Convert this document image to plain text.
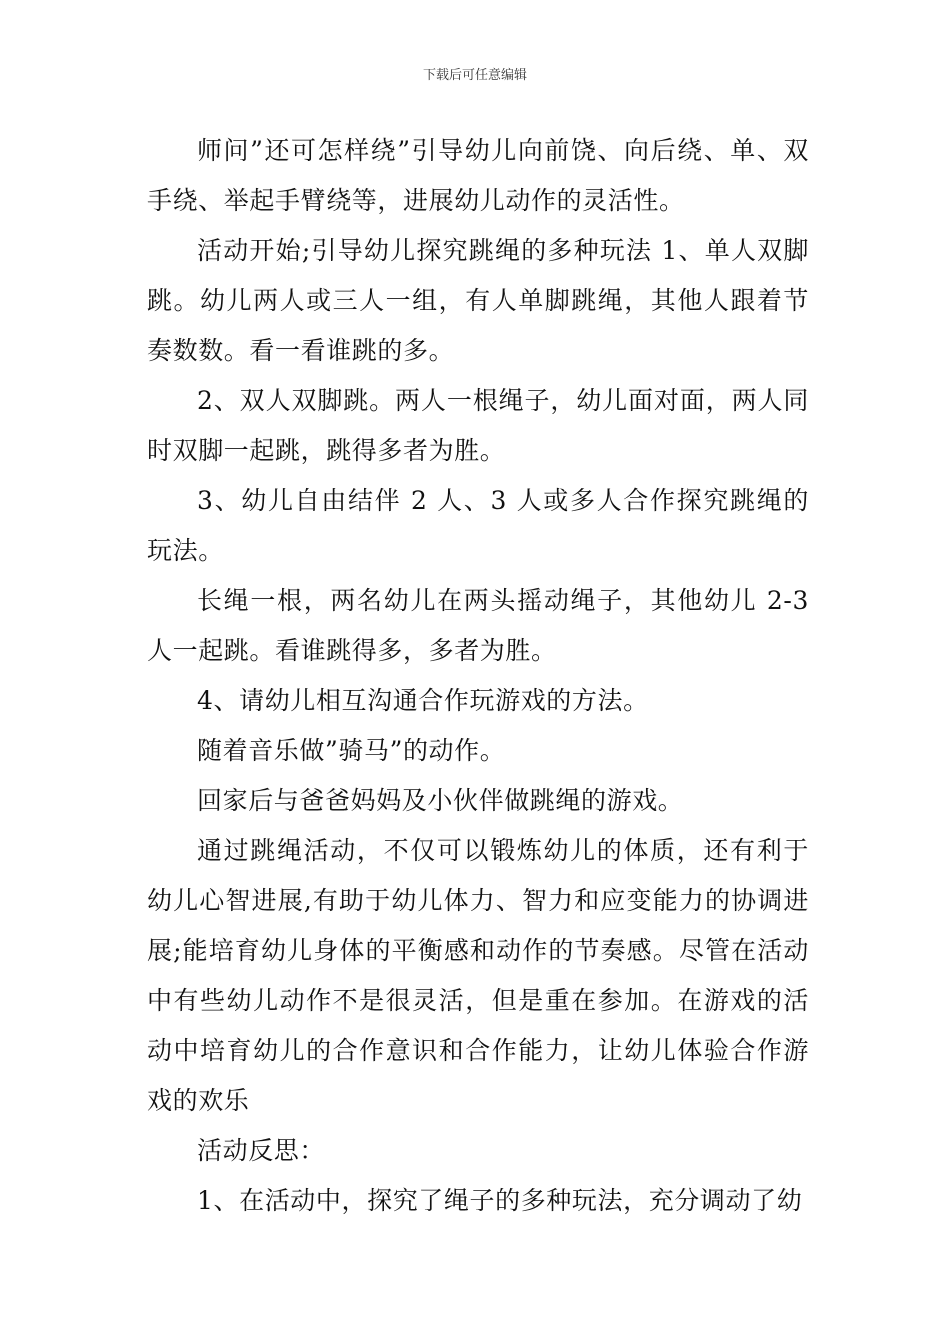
下载后可任意编辑

师问”还可怎样绕”引导幼儿向前饶、向后绕、单、双手绕、举起手臂绕等，进展幼儿动作的灵活性。

活动开始;引导幼儿探究跳绳的多种玩法 1、单人双脚跳。幼儿两人或三人一组，有人单脚跳绳，其他人跟着节奏数数。看一看谁跳的多。

2、双人双脚跳。两人一根绳子，幼儿面对面，两人同时双脚一起跳，跳得多者为胜。

3、幼儿自由结伴 2 人、3 人或多人合作探究跳绳的玩法。

长绳一根，两名幼儿在两头摇动绳子，其他幼儿 2-3 人一起跳。看谁跳得多，多者为胜。

4、请幼儿相互沟通合作玩游戏的方法。

随着音乐做”骑马”的动作。

回家后与爸爸妈妈及小伙伴做跳绳的游戏。

通过跳绳活动，不仅可以锻炼幼儿的体质，还有利于幼儿心智进展,有助于幼儿体力、智力和应变能力的协调进展;能培育幼儿身体的平衡感和动作的节奏感。尽管在活动中有些幼儿动作不是很灵活，但是重在参加。在游戏的活动中培育幼儿的合作意识和合作能力，让幼儿体验合作游戏的欢乐

活动反思：

1、在活动中，探究了绳子的多种玩法，充分调动了幼
